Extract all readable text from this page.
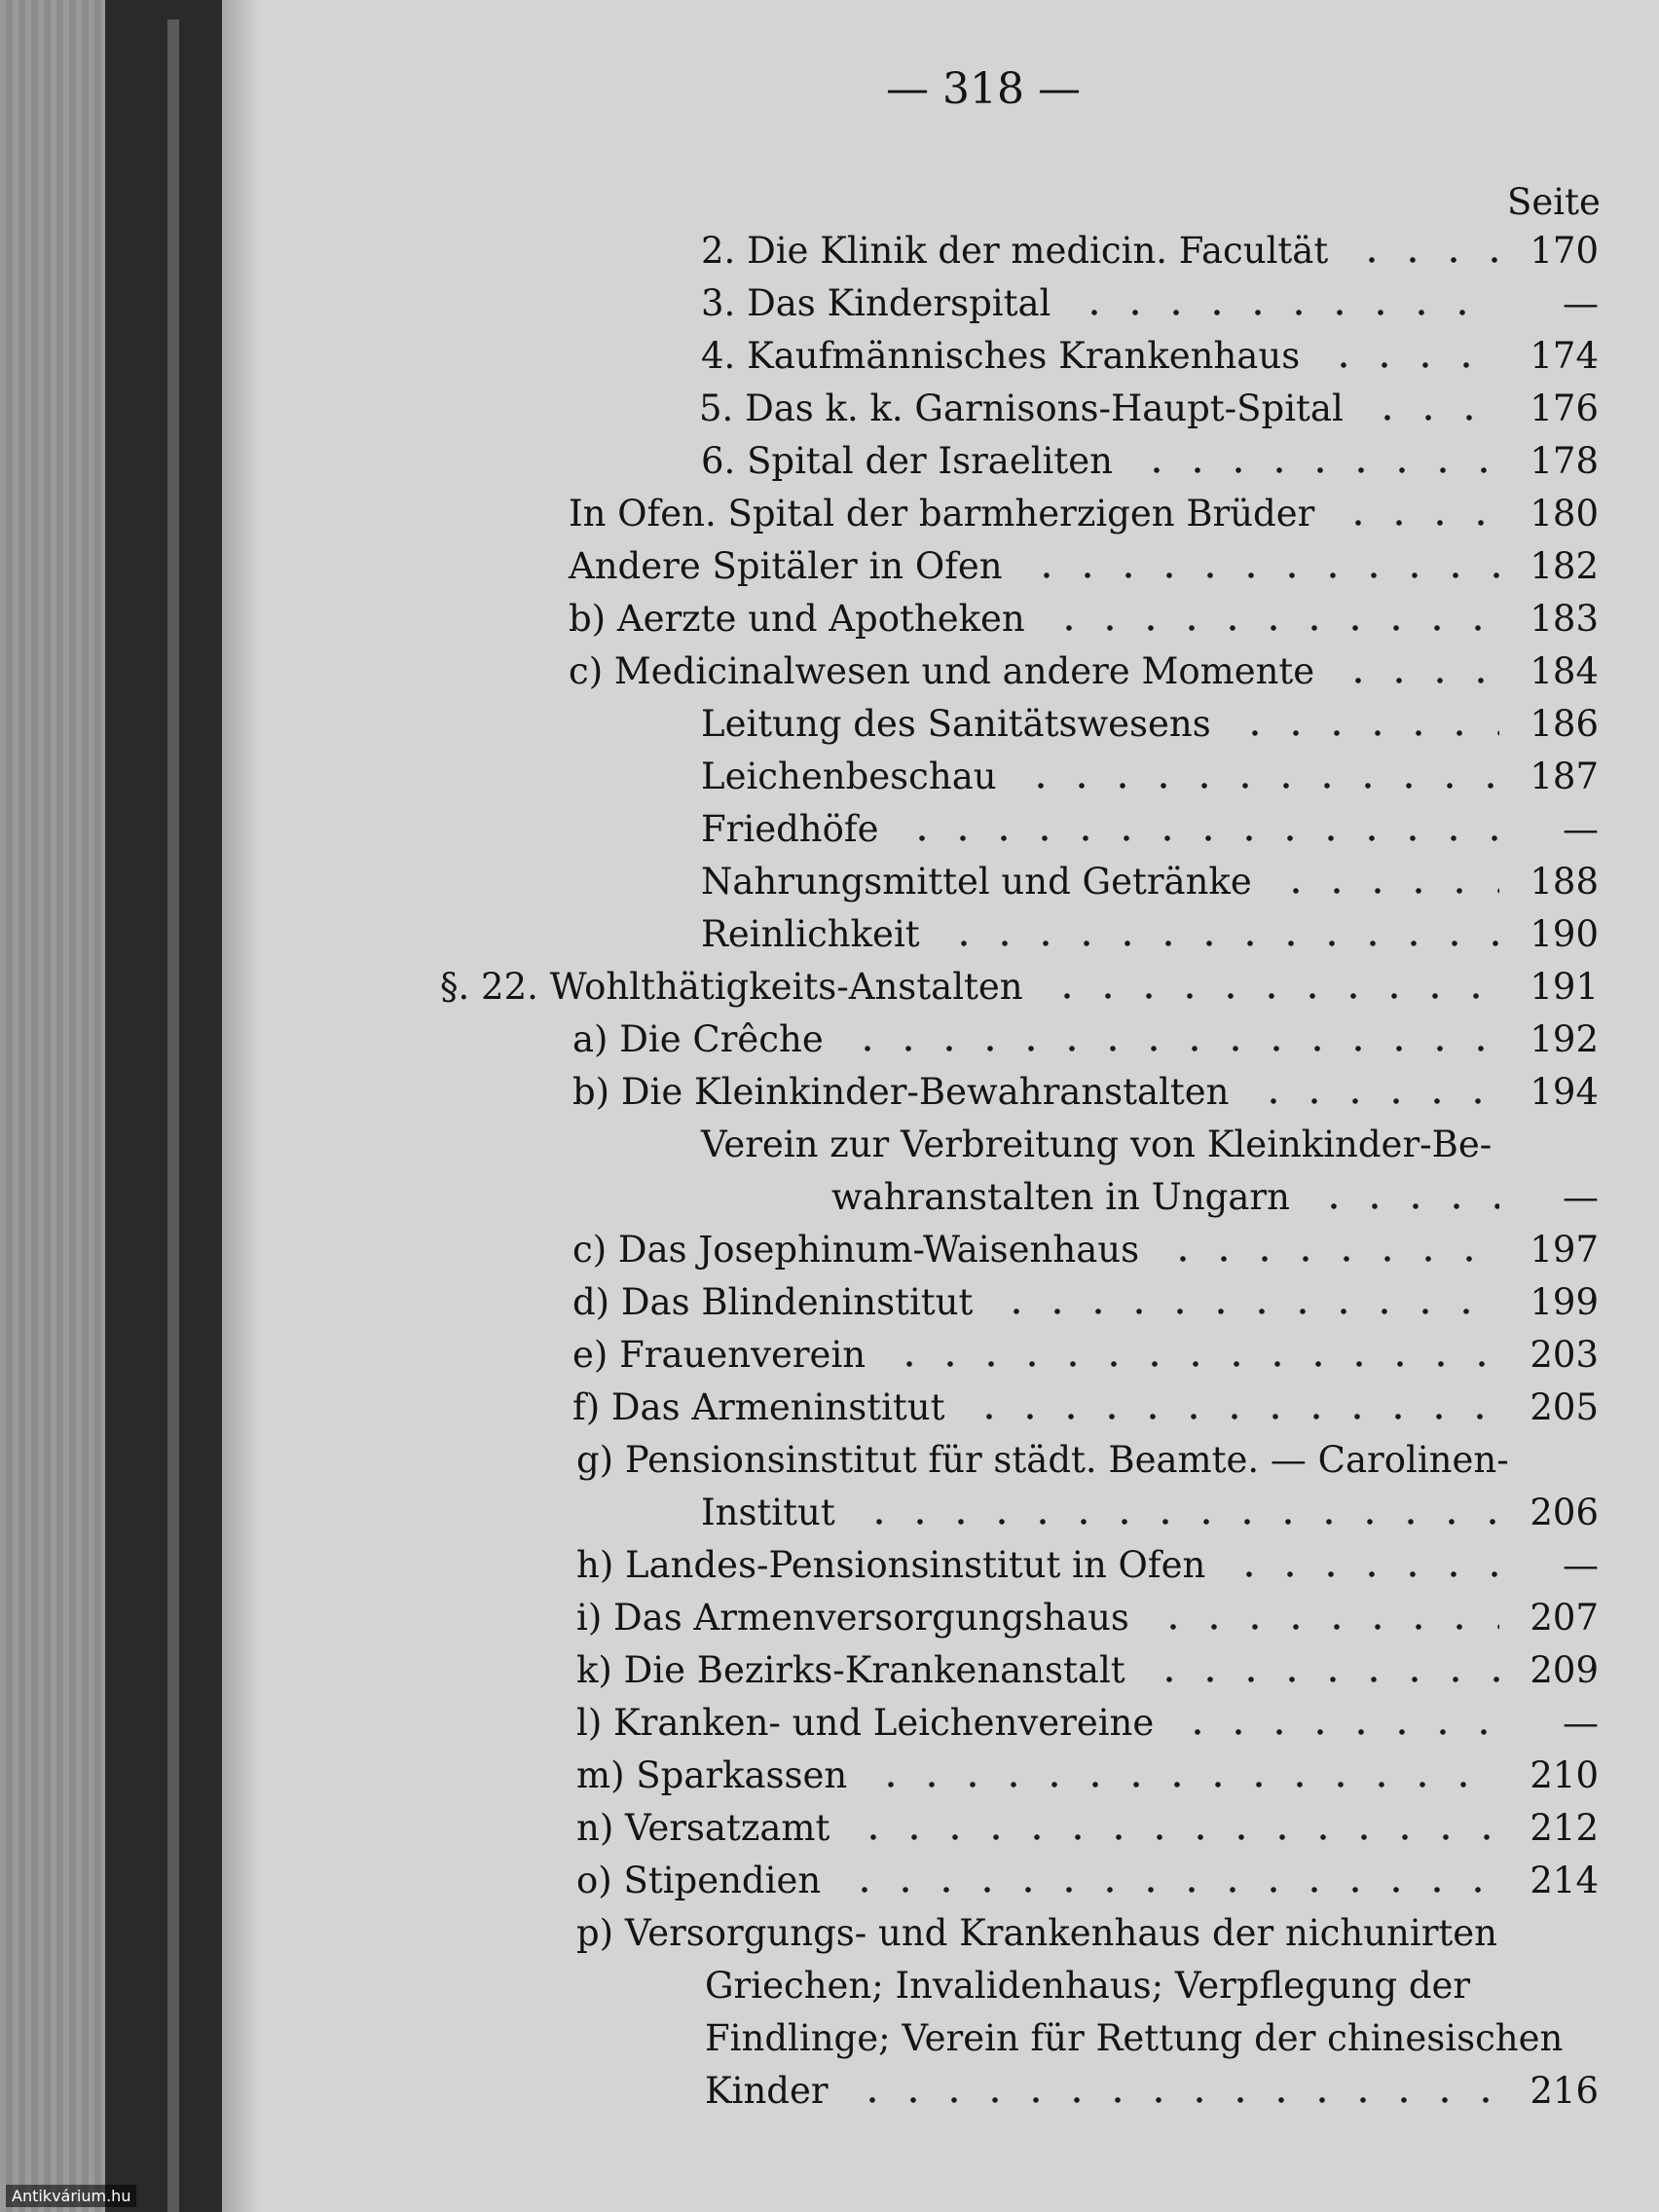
— 318 —
Seite
2. Die Klinik der medicin. Facultät	170
3. Das Kinderspital	—
4. Kaufmännisches Krankenhaus	174
5. Das k. k. Garnisons-Haupt-Spital	176
6. Spital der Israeliten	178
In Ofen. Spital der barmherzigen Brüder	180
Andere Spitäler in Ofen	182
b) Aerzte und Apotheken	183
c) Medicinalwesen und andere Momente	184
Leitung des Sanitätswesens	186
Leichenbeschau	187
Friedhöfe	—
Nahrungsmittel und Getränke	188
Reinlichkeit	190
§. 22. Wohlthätigkeits-Anstalten	191
a) Die Crêche	192
b) Die Kleinkinder-Bewahranstalten	194
Verein zur Verbreitung von Kleinkinder-Be-
wahranstalten in Ungarn	—
c) Das Josephinum-Waisenhaus	197
d) Das Blindeninstitut	199
e) Frauenverein	203
f) Das Armeninstitut	205
g) Pensionsinstitut für städt. Beamte. — Carolinen-
Institut	206
h) Landes-Pensionsinstitut in Ofen	—
i) Das Armenversorgungshaus	207
k) Die Bezirks-Krankenanstalt	209
l) Kranken- und Leichenvereine	—
m) Sparkassen	210
n) Versatzamt	212
o) Stipendien	214
p) Versorgungs- und Krankenhaus der nichunirten
Griechen; Invalidenhaus; Verpflegung der
Findlinge; Verein für Rettung der chinesischen
Kinder	216
Antikvárium.hu
